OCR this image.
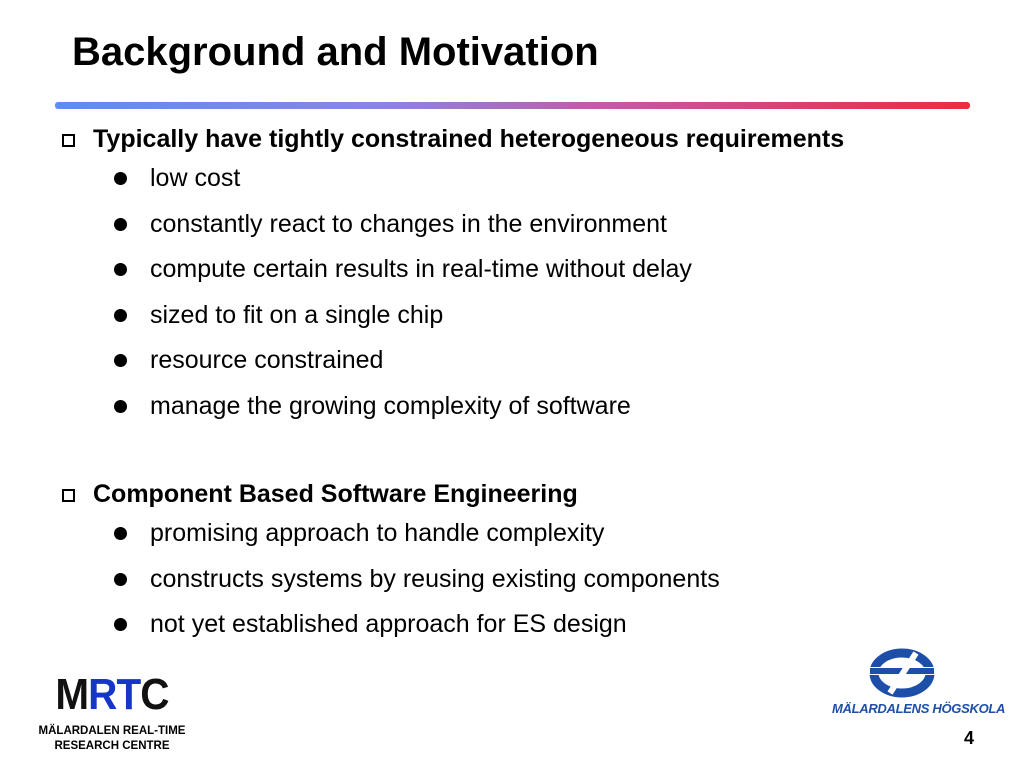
Background and Motivation
Typically have tightly constrained heterogeneous requirements
low cost
constantly react to changes in the environment
compute certain results in real-time without delay
sized to fit on a single chip
resource constrained
manage the growing complexity of software
Component Based Software Engineering
promising approach to handle complexity
constructs systems by reusing existing components
not yet established approach for ES design
MRTC
MÄLARDALEN REAL-TIME
RESEARCH CENTRE
MÄLARDALENS HÖGSKOLA
4
